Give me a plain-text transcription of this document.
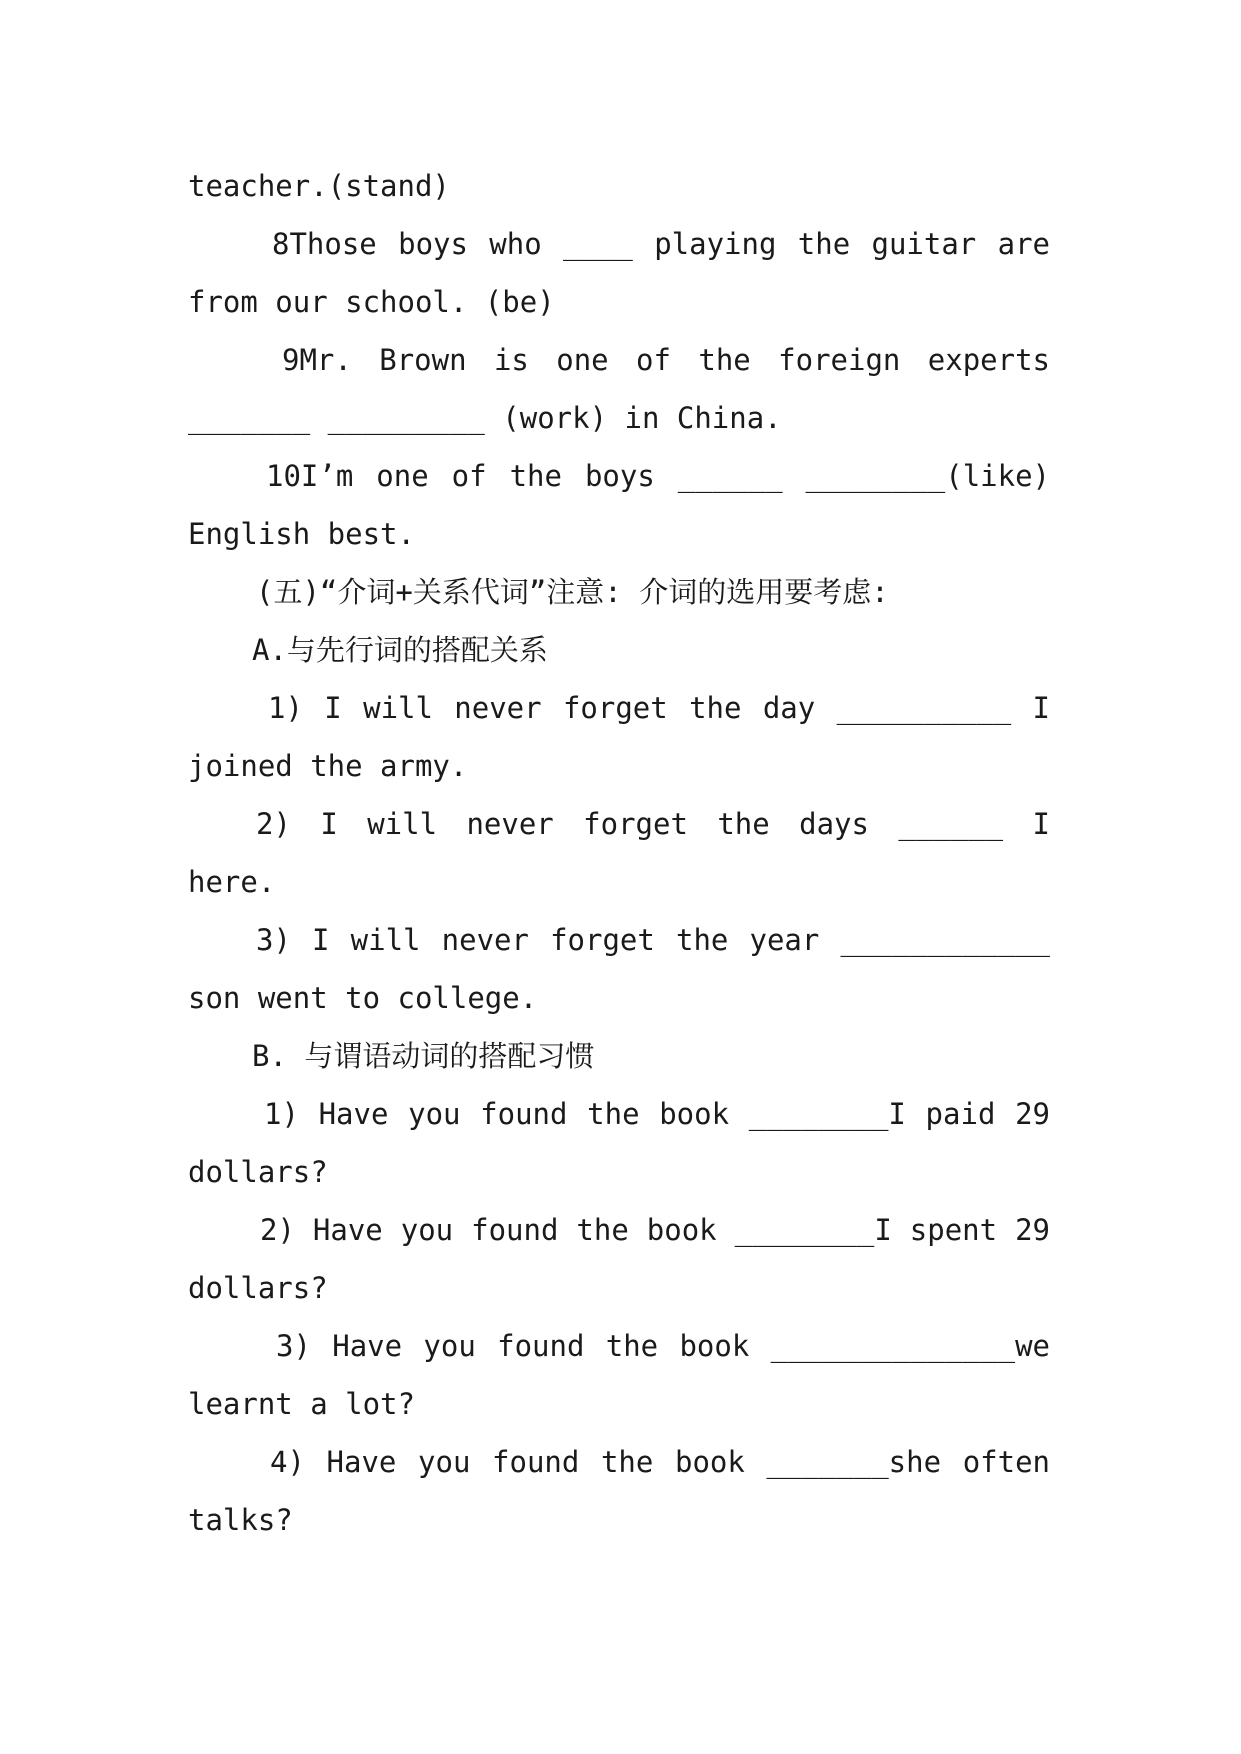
teacher.(stand)
8Those boys who ____ playing the guitar are
from our school. (be)
9Mr. Brown is one of the foreign experts
_______ _________ (work) in China.
10I’m one of the boys ______ ________(like)
English best.
(五)“介词+关系代词”注意: 介词的选用要考虑:
A.与先行词的搭配关系
1) I will never forget the day __________ I
joined the army.
2) I will never forget the days ______ I
here.
3) I will never forget the year ____________
son went to college.
B. 与谓语动词的搭配习惯
1) Have you found the book ________I paid 29
dollars?
2) Have you found the book ________I spent 29
dollars?
3) Have you found the book ______________we
learnt a lot?
4) Have you found the book _______she often
talks?
